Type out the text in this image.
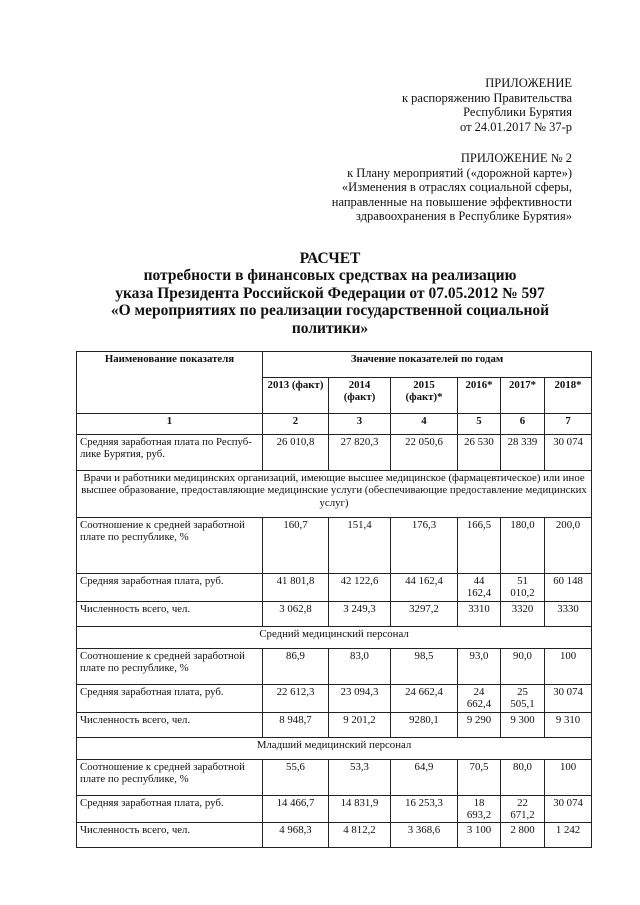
ПРИЛОЖЕНИЕ
к распоряжению Правительства
Республики Бурятия
от 24.01.2017 № 37-р
ПРИЛОЖЕНИЕ № 2
к Плану мероприятий («дорожной карте»)
«Изменения в отраслях социальной сферы,
направленные на повышение эффективности
здравоохранения в Республике Бурятия»
РАСЧЕТ
потребности в финансовых средствах на реализацию
указа Президента Российской Федерации от 07.05.2012 № 597
«О мероприятиях по реализации государственной социальной
политики»
Наименование показателя	Значение показателей по годам					
	2013 (факт)	2014 (факт)	2015 (факт)*	2016*	2017*	2018*
1	2	3	4	5	6	7
Средняя заработная плата по Респуб-лике Бурятия, руб.	26 010,8	27 820,3	22 050,6	26 530	28 339	30 074
Врачи и работники медицинских организаций, имеющие высшее медицинское (фармацевтическое) или иное высшее образование, предоставляющие медицинские услуги (обеспечивающие предоставление медицинских услуг)						
Соотношение к средней заработной плате по республике, %	160,7	151,4	176,3	166,5	180,0	200,0
Средняя заработная плата, руб.	41 801,8	42 122,6	44 162,4	44 162,4	51 010,2	60 148
Численность всего, чел.	3 062,8	3 249,3	3297,2	3310	3320	3330
Средний медицинский персонал						
Соотношение к средней заработной плате по республике, %	86,9	83,0	98,5	93,0	90,0	100
Средняя заработная плата, руб.	22 612,3	23 094,3	24 662,4	24 662,4	25 505,1	30 074
Численность всего, чел.	8 948,7	9 201,2	9280,1	9 290	9 300	9 310
Младший медицинский персонал						
Соотношение к средней заработной плате по республике, %	55,6	53,3	64,9	70,5	80,0	100
Средняя заработная плата, руб.	14 466,7	14 831,9	16 253,3	18 693,2	22 671,2	30 074
Численность всего, чел.	4 968,3	4 812,2	3 368,6	3 100	2 800	1 242
